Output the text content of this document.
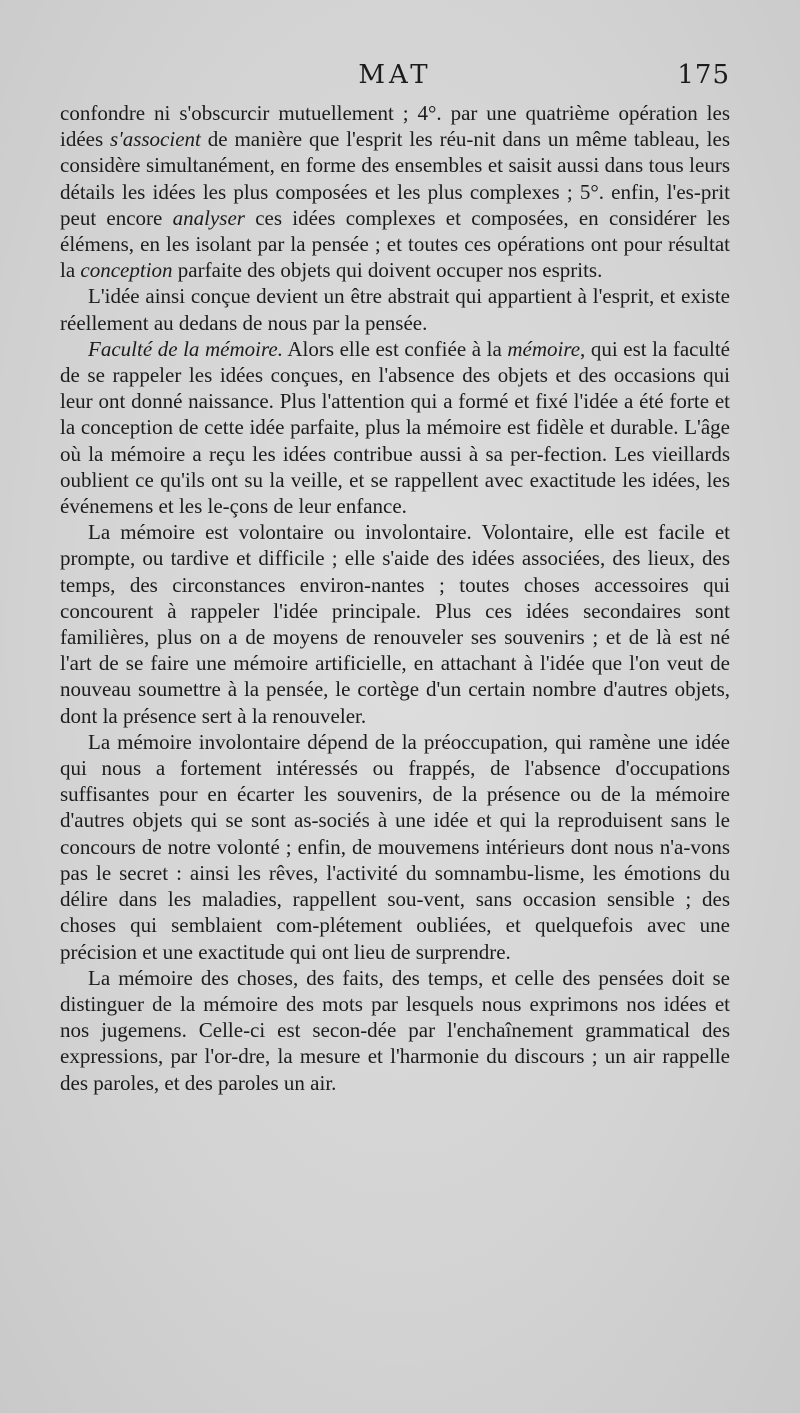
MAT	175

confondre ni s'obscurcir mutuellement ; 4°. par une quatrième opération les idées s'associent de manière que l'esprit les réu-nit dans un même tableau, les considère simultanément, en forme des ensembles et saisit aussi dans tous leurs détails les idées les plus composées et les plus complexes ; 5°. enfin, l'es-prit peut encore analyser ces idées complexes et composées, en considérer les élémens, en les isolant par la pensée ; et toutes ces opérations ont pour résultat la conception parfaite des objets qui doivent occuper nos esprits.

L'idée ainsi conçue devient un être abstrait qui appartient à l'esprit, et existe réellement au dedans de nous par la pensée.

Faculté de la mémoire. Alors elle est confiée à la mémoire, qui est la faculté de se rappeler les idées conçues, en l'absence des objets et des occasions qui leur ont donné naissance. Plus l'attention qui a formé et fixé l'idée a été forte et la conception de cette idée parfaite, plus la mémoire est fidèle et durable. L'âge où la mémoire a reçu les idées contribue aussi à sa per-fection. Les vieillards oublient ce qu'ils ont su la veille, et se rappellent avec exactitude les idées, les événemens et les le-çons de leur enfance.

La mémoire est volontaire ou involontaire. Volontaire, elle est facile et prompte, ou tardive et difficile ; elle s'aide des idées associées, des lieux, des temps, des circonstances environ-nantes ; toutes choses accessoires qui concourent à rappeler l'idée principale. Plus ces idées secondaires sont familières, plus on a de moyens de renouveler ses souvenirs ; et de là est né l'art de se faire une mémoire artificielle, en attachant à l'idée que l'on veut de nouveau soumettre à la pensée, le cortège d'un certain nombre d'autres objets, dont la présence sert à la renouveler.

La mémoire involontaire dépend de la préoccupation, qui ramène une idée qui nous a fortement intéressés ou frappés, de l'absence d'occupations suffisantes pour en écarter les souvenirs, de la présence ou de la mémoire d'autres objets qui se sont as-sociés à une idée et qui la reproduisent sans le concours de notre volonté ; enfin, de mouvemens intérieurs dont nous n'a-vons pas le secret : ainsi les rêves, l'activité du somnambu-lisme, les émotions du délire dans les maladies, rappellent sou-vent, sans occasion sensible ; des choses qui semblaient com-plétement oubliées, et quelquefois avec une précision et une exactitude qui ont lieu de surprendre.

La mémoire des choses, des faits, des temps, et celle des pensées doit se distinguer de la mémoire des mots par lesquels nous exprimons nos idées et nos jugemens. Celle-ci est secon-dée par l'enchaînement grammatical des expressions, par l'or-dre, la mesure et l'harmonie du discours ; un air rappelle des paroles, et des paroles un air.
